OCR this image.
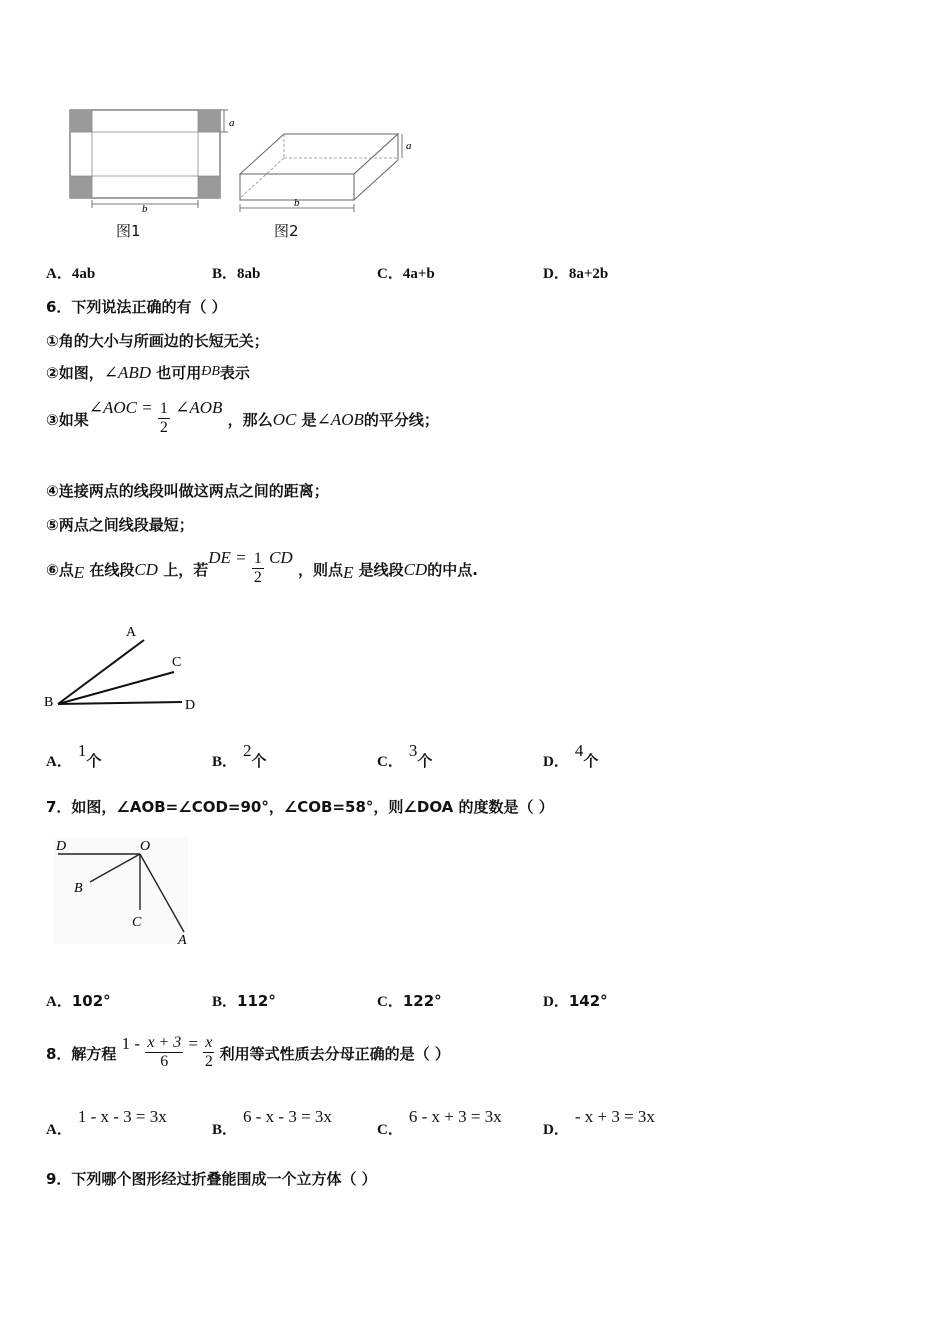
a
b
图1
a
b
图2
A．4ab	B．8ab	C．4a+b	D．8a+2b
6．下列说法正确的有（ ）
①角的大小与所画边的长短无关；
②如图，∠ABD 也可用ÐB表示
③如果∠AOC = $\frac{1}{2}$ ∠AOB ，那么OC 是∠AOB的平分线；
④连接两点的线段叫做这两点之间的距离；
⑤两点之间线段最短；
⑥点E 在线段CD 上，若DE = $\frac{1}{2}$ CD ，则点E 是线段CD的中点.
A
C
B	D
A．1个	B．2个	C．3个	D．4个
7．如图，∠AOB=∠COD=90°，∠COB=58°，则∠DOA 的度数是（ ）
D	O
B
C
A
A．102°	B．112°	C．122°	D．142°
8．解方程 $1 - \frac{x + 3}{6} = \frac{x}{2}$ 利用等式性质去分母正确的是（ ）
A．1 - x - 3 = 3x
B．6 - x - 3 = 3x
C．6 - x + 3 = 3x
D．- x + 3 = 3x
9．下列哪个图形经过折叠能围成一个立方体（ ）
